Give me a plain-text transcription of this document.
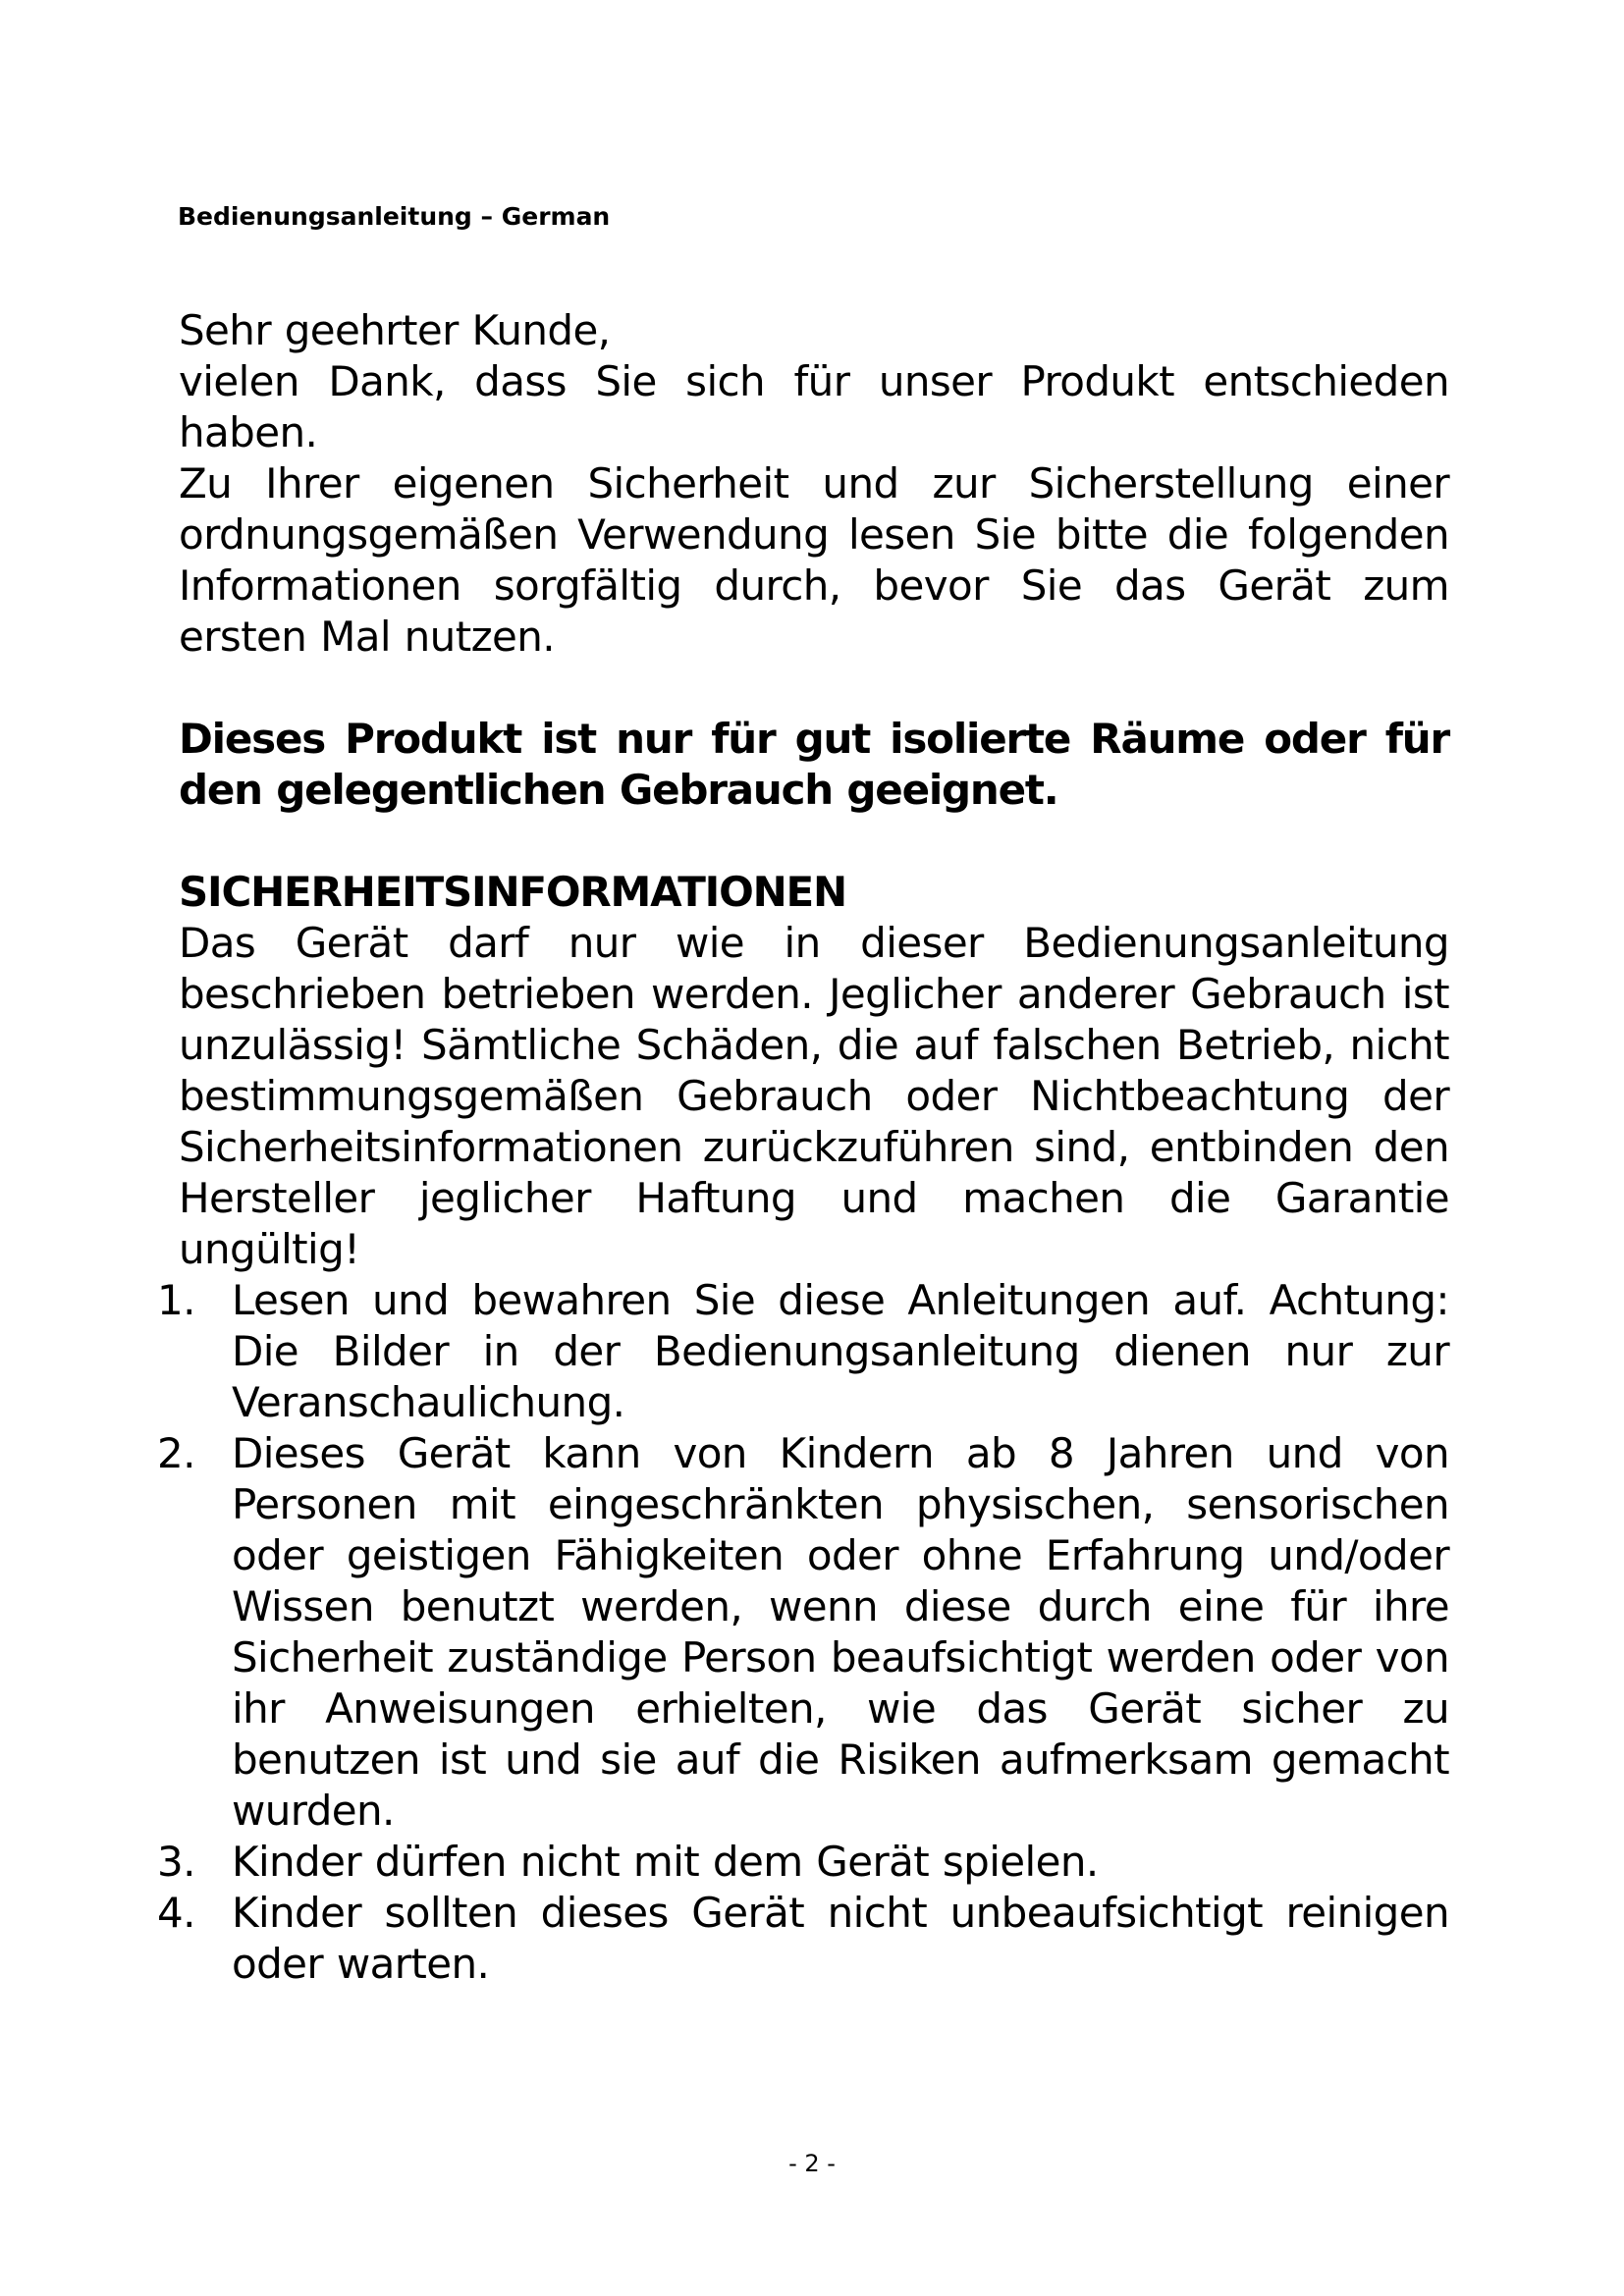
Bedienungsanleitung – German

Sehr geehrter Kunde,

vielen Dank, dass Sie sich für unser Produkt entschieden haben.

Zu Ihrer eigenen Sicherheit und zur Sicherstellung einer ordnungsgemäßen Verwendung lesen Sie bitte die folgenden Informationen sorgfältig durch, bevor Sie das Gerät zum ersten Mal nutzen.

Dieses Produkt ist nur für gut isolierte Räume oder für den gelegentlichen Gebrauch geeignet.

SICHERHEITSINFORMATIONEN

Das Gerät darf nur wie in dieser Bedienungsanleitung beschrieben betrieben werden. Jeglicher anderer Gebrauch ist unzulässig! Sämtliche Schäden, die auf falschen Betrieb, nicht bestimmungsgemäßen Gebrauch oder Nichtbeachtung der Sicherheitsinformationen zurückzuführen sind, entbinden den Hersteller jeglicher Haftung und machen die Garantie ungültig!

1. Lesen und bewahren Sie diese Anleitungen auf. Achtung: Die Bilder in der Bedienungsanleitung dienen nur zur Veranschaulichung.
2. Dieses Gerät kann von Kindern ab 8 Jahren und von Personen mit eingeschränkten physischen, sensorischen oder geistigen Fähigkeiten oder ohne Erfahrung und/oder Wissen benutzt werden, wenn diese durch eine für ihre Sicherheit zuständige Person beaufsichtigt werden oder von ihr Anweisungen erhielten, wie das Gerät sicher zu benutzen ist und sie auf die Risiken aufmerksam gemacht wurden.
3. Kinder dürfen nicht mit dem Gerät spielen.
4. Kinder sollten dieses Gerät nicht unbeaufsichtigt reinigen oder warten.
- 2 -
